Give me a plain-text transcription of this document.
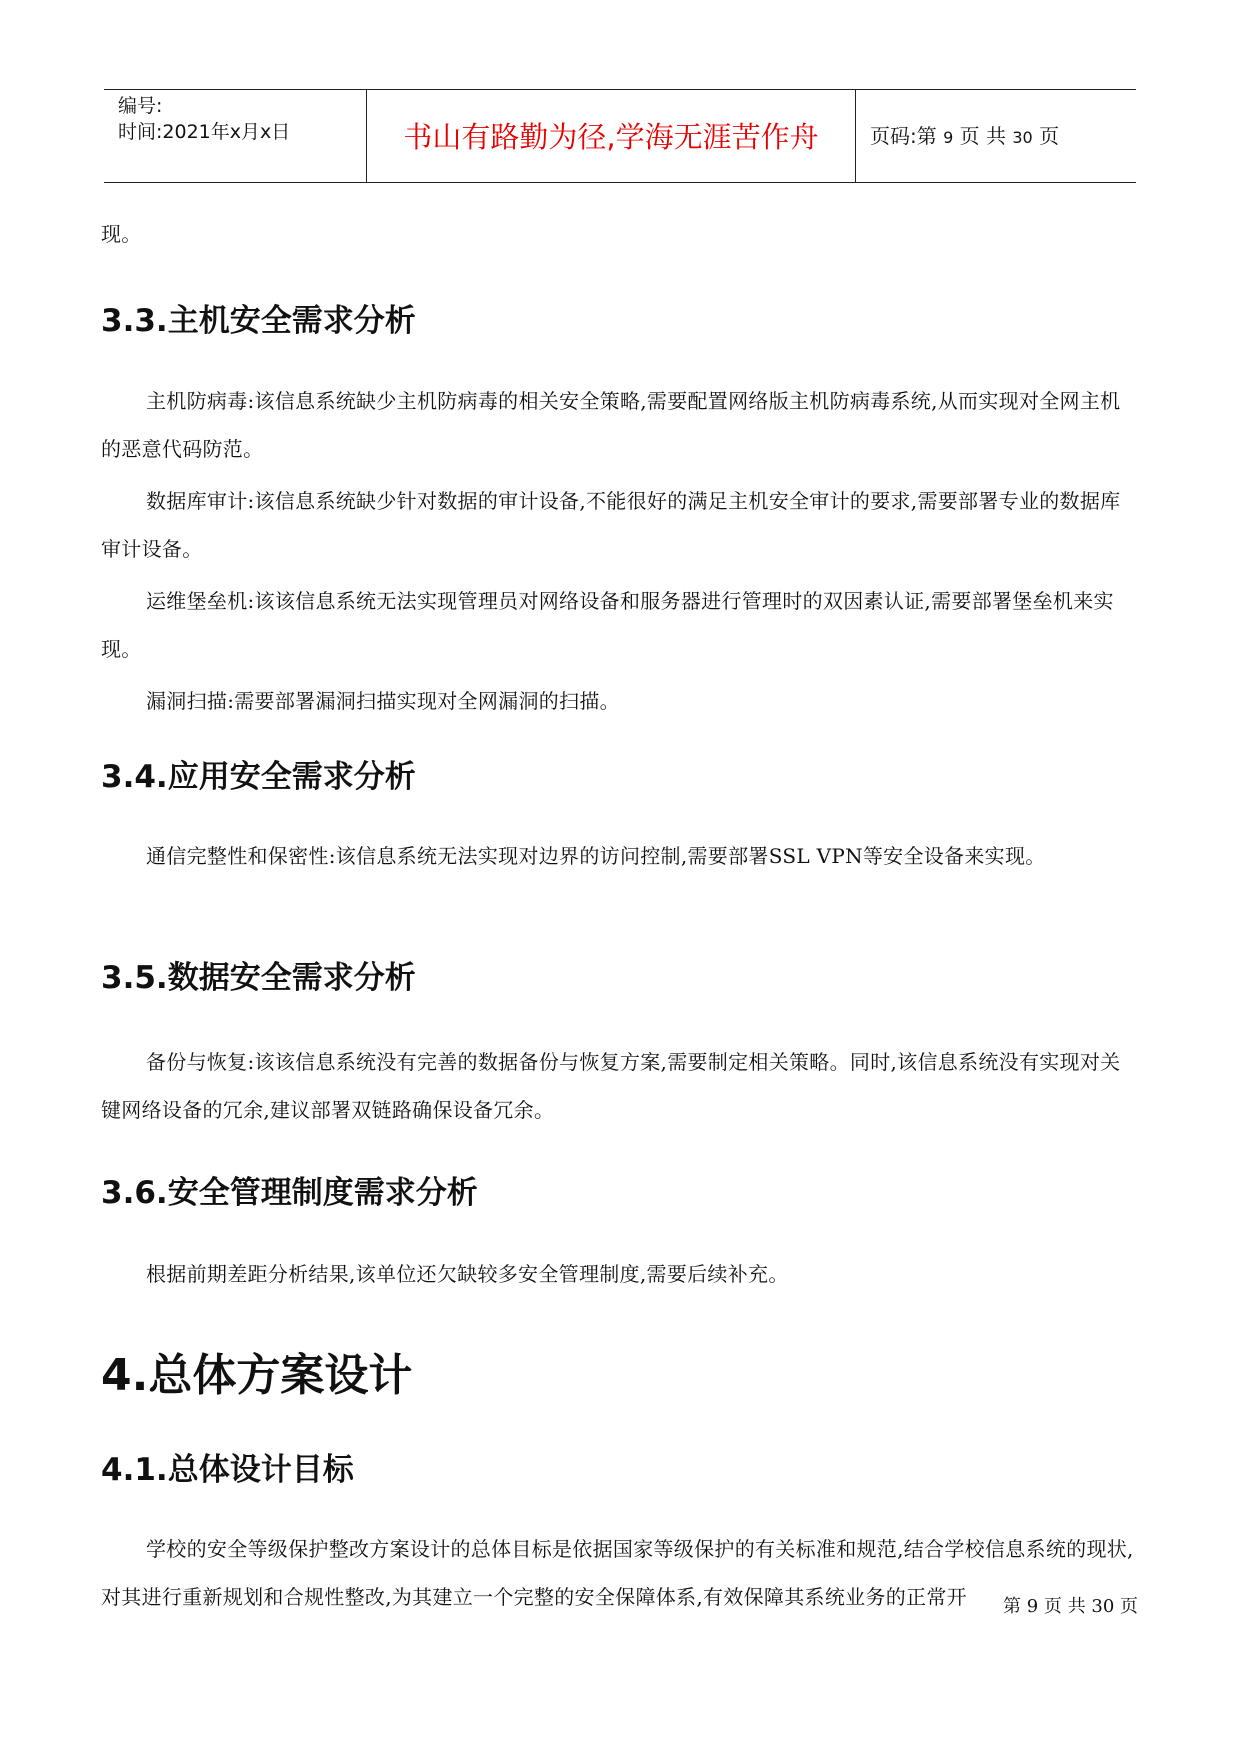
编号:
时间:2021年x月x日	书山有路勤为径,学海无涯苦作舟	页码:第 9 页 共 30 页

现。

3.3.主机安全需求分析

主机防病毒:该信息系统缺少主机防病毒的相关安全策略,需要配置网络版主机防病毒系统,从而实现对全网主机的恶意代码防范。

数据库审计:该信息系统缺少针对数据的审计设备,不能很好的满足主机安全审计的要求,需要部署专业的数据库审计设备。

运维堡垒机:该该信息系统无法实现管理员对网络设备和服务器进行管理时的双因素认证,需要部署堡垒机来实现。

漏洞扫描:需要部署漏洞扫描实现对全网漏洞的扫描。

3.4.应用安全需求分析

通信完整性和保密性:该信息系统无法实现对边界的访问控制,需要部署SSL VPN等安全设备来实现。

3.5.数据安全需求分析

备份与恢复:该该信息系统没有完善的数据备份与恢复方案,需要制定相关策略。同时,该信息系统没有实现对关键网络设备的冗余,建议部署双链路确保设备冗余。

3.6.安全管理制度需求分析

根据前期差距分析结果,该单位还欠缺较多安全管理制度,需要后续补充。

4.总体方案设计
4.1.总体设计目标

学校的安全等级保护整改方案设计的总体目标是依据国家等级保护的有关标准和规范,结合学校信息系统的现状,对其进行重新规划和合规性整改,为其建立一个完整的安全保障体系,有效保障其系统业务的正常开	第 9 页 共 30 页
